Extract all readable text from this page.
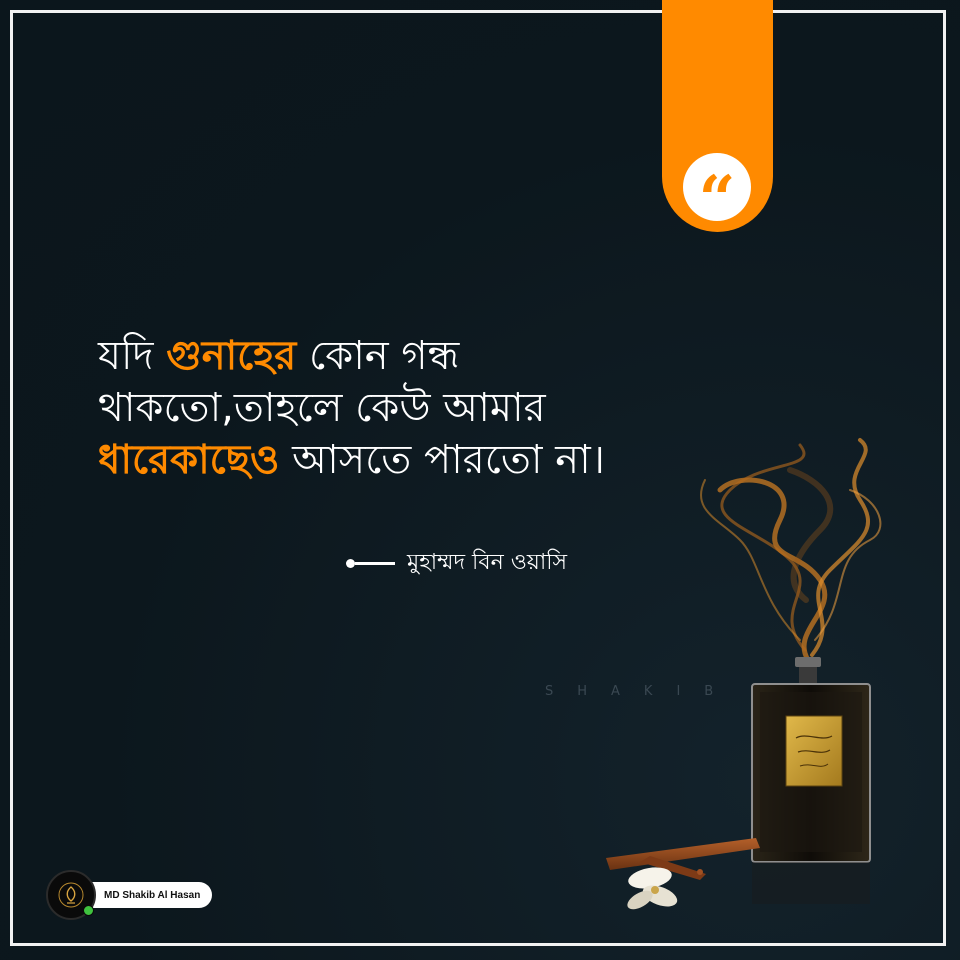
“
যদি গুনাহের কোন গন্ধ
থাকতো,তাহলে কেউ আমার
ধারেকাছেও আসতে পারতো না।
মুহাম্মদ বিন ওয়াসি
SHAKIB
MD Shakib Al Hasan
